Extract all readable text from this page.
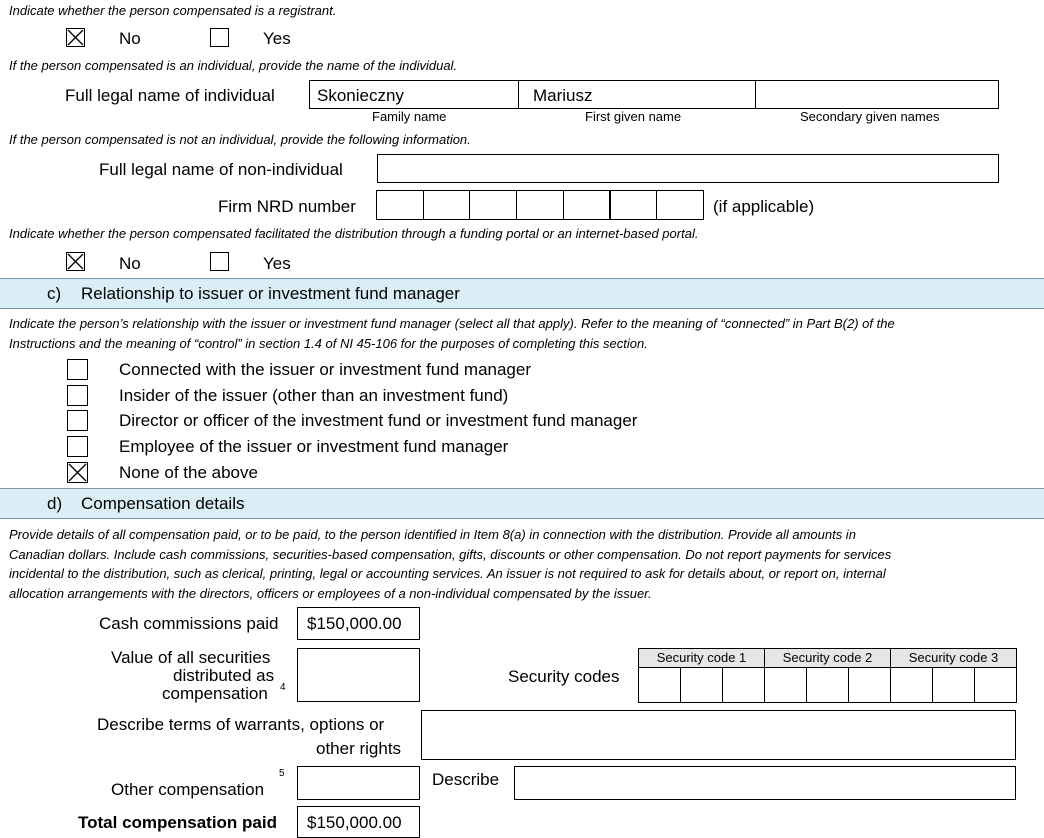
Indicate whether the person compensated is a registrant.
No	Yes
If the person compensated is an individual, provide the name of the individual.
Full legal name of individual Skonieczny	Mariusz
Family name	First given name	Secondary given names
If the person compensated is not an individual, provide the following information.
Full legal name of non-individual
Firm NRD number	(if applicable)
Indicate whether the person compensated facilitated the distribution through a funding portal or an internet-based portal.
No	Yes
c) Relationship to issuer or investment fund manager
Indicate the person’s relationship with the issuer or investment fund manager (select all that apply). Refer to the meaning of “connected” in Part B(2) of the
Instructions and the meaning of “control” in section 1.4 of NI 45-106 for the purposes of completing this section.
Connected with the issuer or investment fund manager
Insider of the issuer (other than an investment fund)
Director or officer of the investment fund or investment fund manager
Employee of the issuer or investment fund manager
None of the above
d) Compensation details
Provide details of all compensation paid, or to be paid, to the person identified in Item 8(a) in connection with the distribution. Provide all amounts in
Canadian dollars. Include cash commissions, securities-based compensation, gifts, discounts or other compensation. Do not report payments for services
incidental to the distribution, such as clerical, printing, legal or accounting services. An issuer is not required to ask for details about, or report on, internal
allocation arrangements with the directors, officers or employees of a non-individual compensated by the issuer.
Cash commissions paid $150,000.00
Value of all securities
distributed as
compensation 4
Security codes
Security code 1	Security code 2	Security code 3
Describe terms of warrants, options or
other rights
Other compensation
5	Describe
Total compensation paid $150,000.00
